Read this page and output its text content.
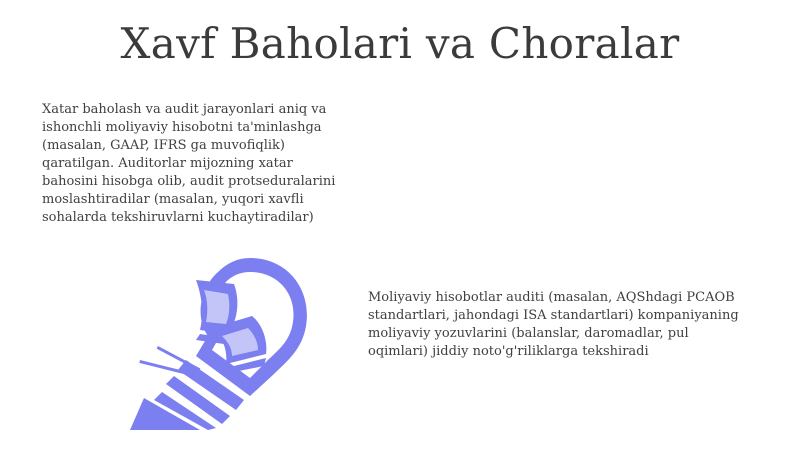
Xavf Baholari va Choralar

Xatar baholash va audit jarayonlari aniq va ishonchli moliyaviy hisobotni ta'minlashga (masalan, GAAP, IFRS ga muvofiqlik) qaratilgan. Auditorlar mijozning xatar bahosini hisobga olib, audit protseduralarini moslashtiradilar (masalan, yuqori xavfli sohalarda tekshiruvlarni kuchaytiradilar)

Moliyaviy hisobotlar auditi (masalan, AQShdagi PCAOB standartlari, jahondagi ISA standartlari) kompaniyaning moliyaviy yozuvlarini (balanslar, daromadlar, pul oqimlari) jiddiy noto'g'riliklarga tekshiradi
